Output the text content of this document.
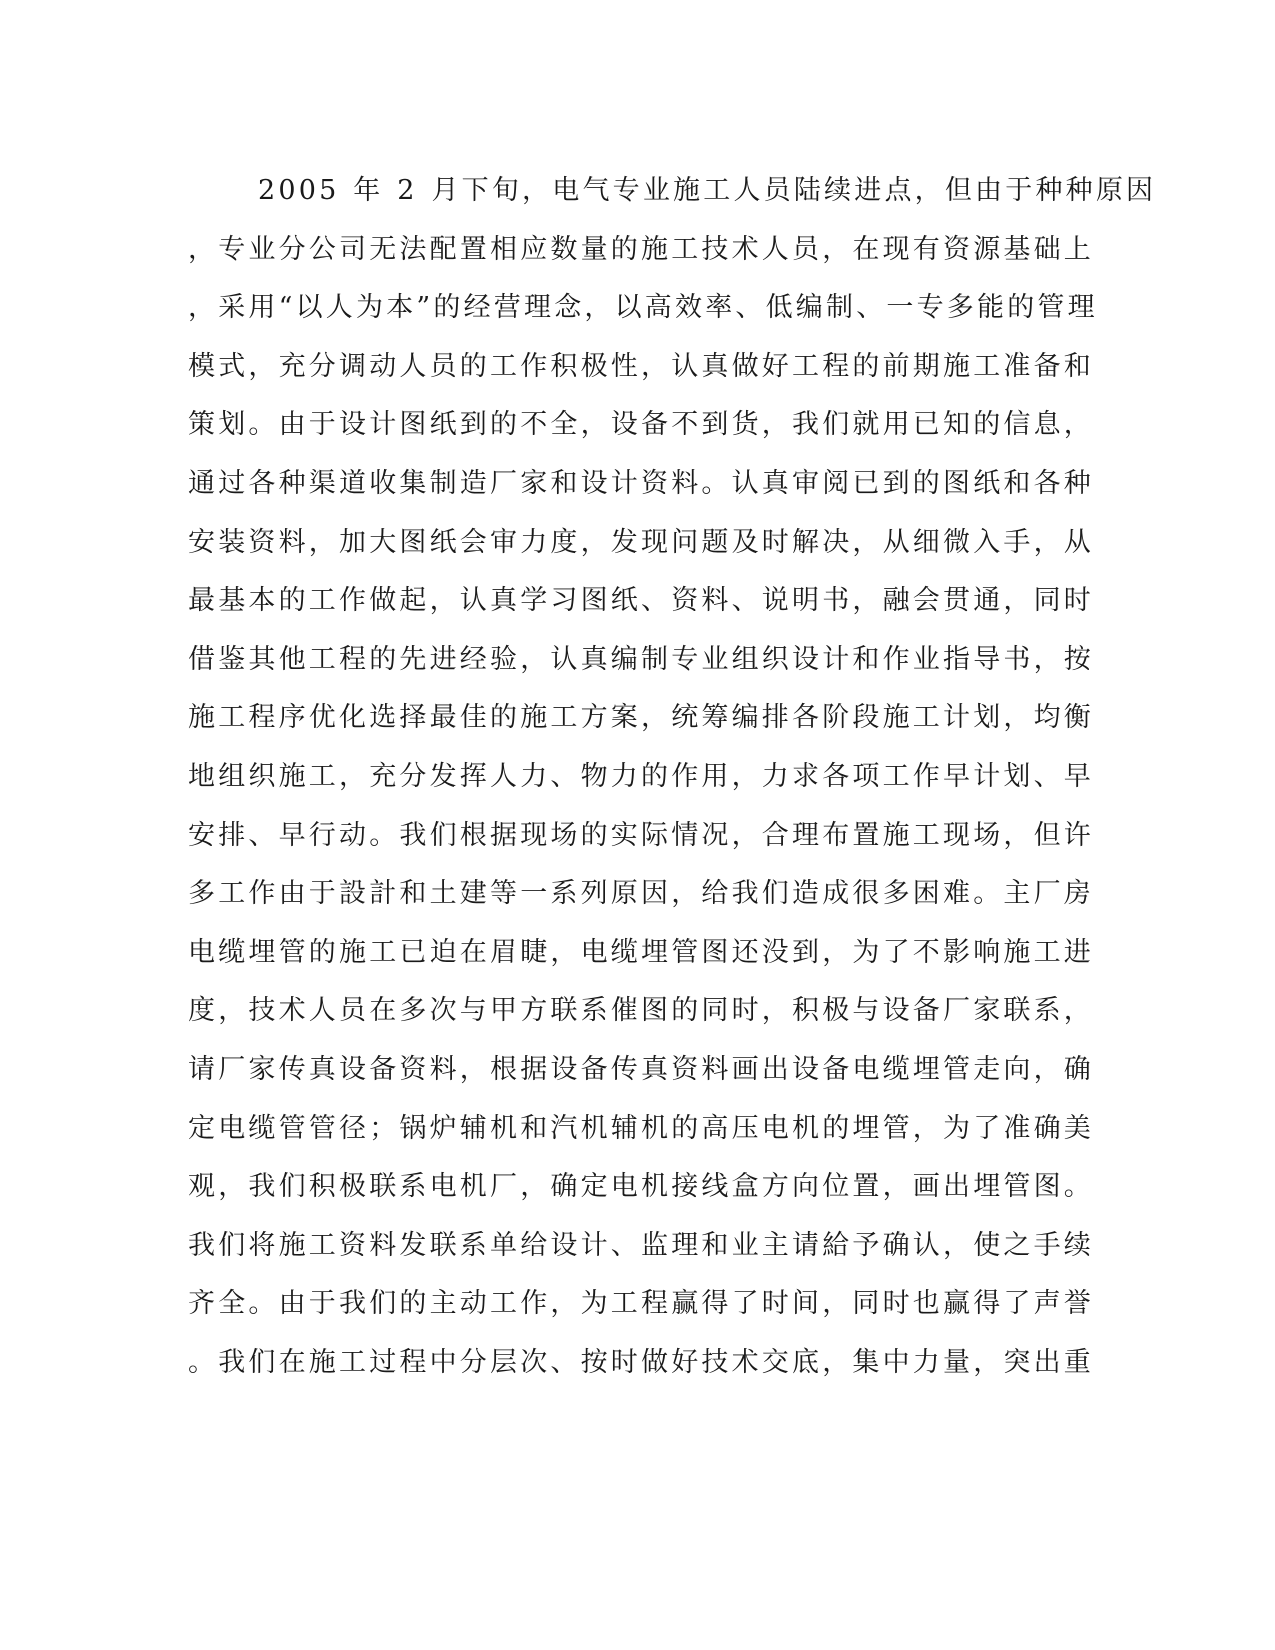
2005 年 2 月下旬，电气专业施工人员陆续进点，但由于种种原因
，专业分公司无法配置相应数量的施工技术人员，在现有资源基础上
，采用“以人为本”的经营理念，以高效率、低编制、一专多能的管理
模式，充分调动人员的工作积极性，认真做好工程的前期施工准备和
策划。由于设计图纸到的不全，设备不到货，我们就用已知的信息，
通过各种渠道收集制造厂家和设计资料。认真审阅已到的图纸和各种
安装资料，加大图纸会审力度，发现问题及时解决，从细微入手，从
最基本的工作做起，认真学习图纸、资料、说明书，融会贯通，同时
借鉴其他工程的先进经验，认真编制专业组织设计和作业指导书，按
施工程序优化选择最佳的施工方案，统筹编排各阶段施工计划，均衡
地组织施工，充分发挥人力、物力的作用，力求各项工作早计划、早
安排、早行动。我们根据现场的实际情况，合理布置施工现场，但许
多工作由于設計和土建等一系列原因，给我们造成很多困难。主厂房
电缆埋管的施工已迫在眉睫，电缆埋管图还没到，为了不影响施工进
度，技术人员在多次与甲方联系催图的同时，积极与设备厂家联系，
请厂家传真设备资料，根据设备传真资料画出设备电缆埋管走向，确
定电缆管管径；锅炉辅机和汽机辅机的高压电机的埋管，为了准确美
观，我们积极联系电机厂，确定电机接线盒方向位置，画出埋管图。
我们将施工资料发联系单给设计、监理和业主请給予确认，使之手续
齐全。由于我们的主动工作，为工程赢得了时间，同时也赢得了声誉
。我们在施工过程中分层次、按时做好技术交底，集中力量，突出重
